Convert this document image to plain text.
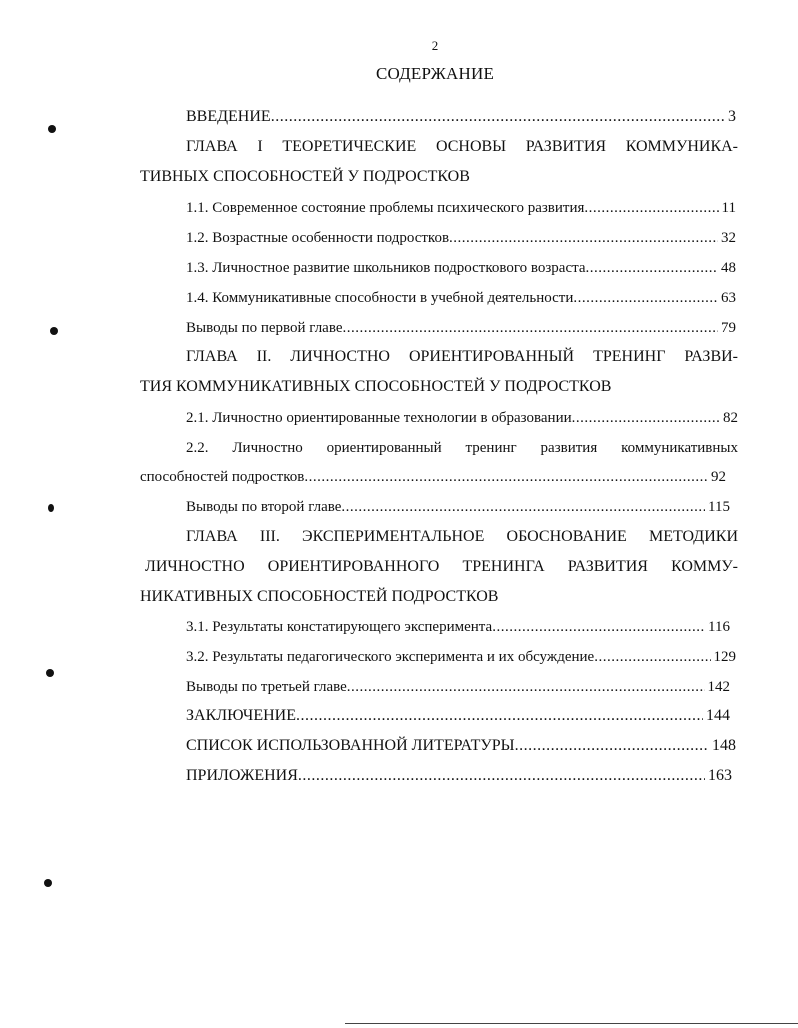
2
СОДЕРЖАНИЕ
ВВЕДЕНИЕ .....	3
ГЛАВА I ТЕОРЕТИЧЕСКИЕ ОСНОВЫ РАЗВИТИЯ КОММУНИКА-
ТИВНЫХ СПОСОБНОСТЕЙ У ПОДРОСТКОВ
1.1. Современное состояние проблемы психического развития .....	11
1.2. Возрастные особенности подростков .....	32
1.3. Личностное развитие школьников подросткового возраста .....	48
1.4. Коммуникативные способности в учебной деятельности .....	63
Выводы по первой главе .....	79
ГЛАВА II. ЛИЧНОСТНО ОРИЕНТИРОВАННЫЙ ТРЕНИНГ РАЗВИ-
ТИЯ КОММУНИКАТИВНЫХ СПОСОБНОСТЕЙ У ПОДРОСТКОВ
2.1. Личностно ориентированные технологии в образовании .....	82
2.2. Личностно ориентированный тренинг развития коммуникативных
способностей подростков .....	92
Выводы по второй главе .....	115
ГЛАВА III. ЭКСПЕРИМЕНТАЛЬНОЕ ОБОСНОВАНИЕ МЕТОДИКИ
ЛИЧНОСТНО ОРИЕНТИРОВАННОГО ТРЕНИНГА РАЗВИТИЯ КОММУ-
НИКАТИВНЫХ СПОСОБНОСТЕЙ ПОДРОСТКОВ
3.1. Результаты констатирующего эксперимента .....	116
3.2. Результаты педагогического эксперимента и их обсуждение .....	129
Выводы по третьей главе .....	142
ЗАКЛЮЧЕНИЕ .....	144
СПИСОК ИСПОЛЬЗОВАННОЙ ЛИТЕРАТУРЫ .....	148
ПРИЛОЖЕНИЯ .....	163
